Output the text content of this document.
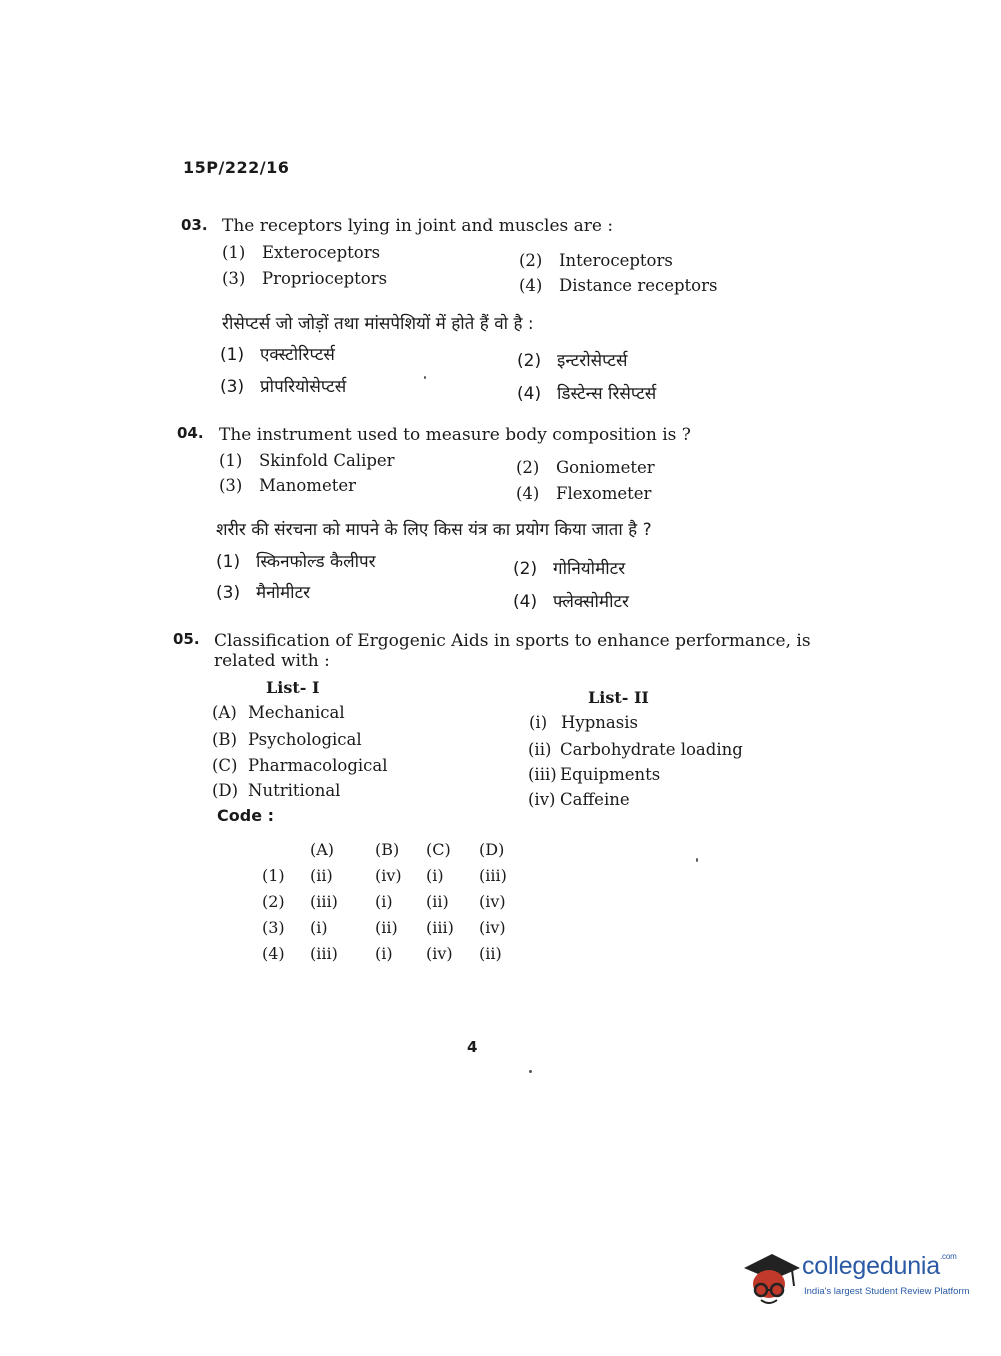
15P/222/16
03. The receptors lying in joint and muscles are :
(1) Exteroceptors	(2) Interoceptors
(3) Proprioceptors	(4) Distance receptors
रीसेप्टर्स जो जोड़ों तथा मांसपेशियों में होते हैं वो है :
(1) एक्स्टोरिप्टर्स	(2) इन्टरोसेप्टर्स
(3) प्रोपरियोसेप्टर्स	(4) डिस्टेन्स रिसेप्टर्स
04. The instrument used to measure body composition is ?
(1) Skinfold Caliper	(2) Goniometer
(3) Manometer	(4) Flexometer
शरीर की संरचना को मापने के लिए किस यंत्र का प्रयोग किया जाता है ?
(1) स्किनफोल्ड कैलीपर	(2) गोनियोमीटर
(3) मैनोमीटर	(4) फ्लेक्सोमीटर
05. Classification of Ergogenic Aids in sports to enhance performance, is
related with :
List- I
(A) Mechanical
(B) Psychological
(C) Pharmacological
(D) Nutritional
List- II
(i) Hypnasis
(ii) Carbohydrate loading
(iii) Equipments
(iv) Caffeine
Code :
	(A)	(B)	(C)	(D)
(1)	(ii)	(iv)	(i)	(iii)
(2)	(iii)	(i)	(ii)	(iv)
(3)	(i)	(ii)	(iii)	(iv)
(4)	(iii)	(i)	(iv)	(ii)
4
collegedunia$^{.com}$
India's largest Student Review Platform
